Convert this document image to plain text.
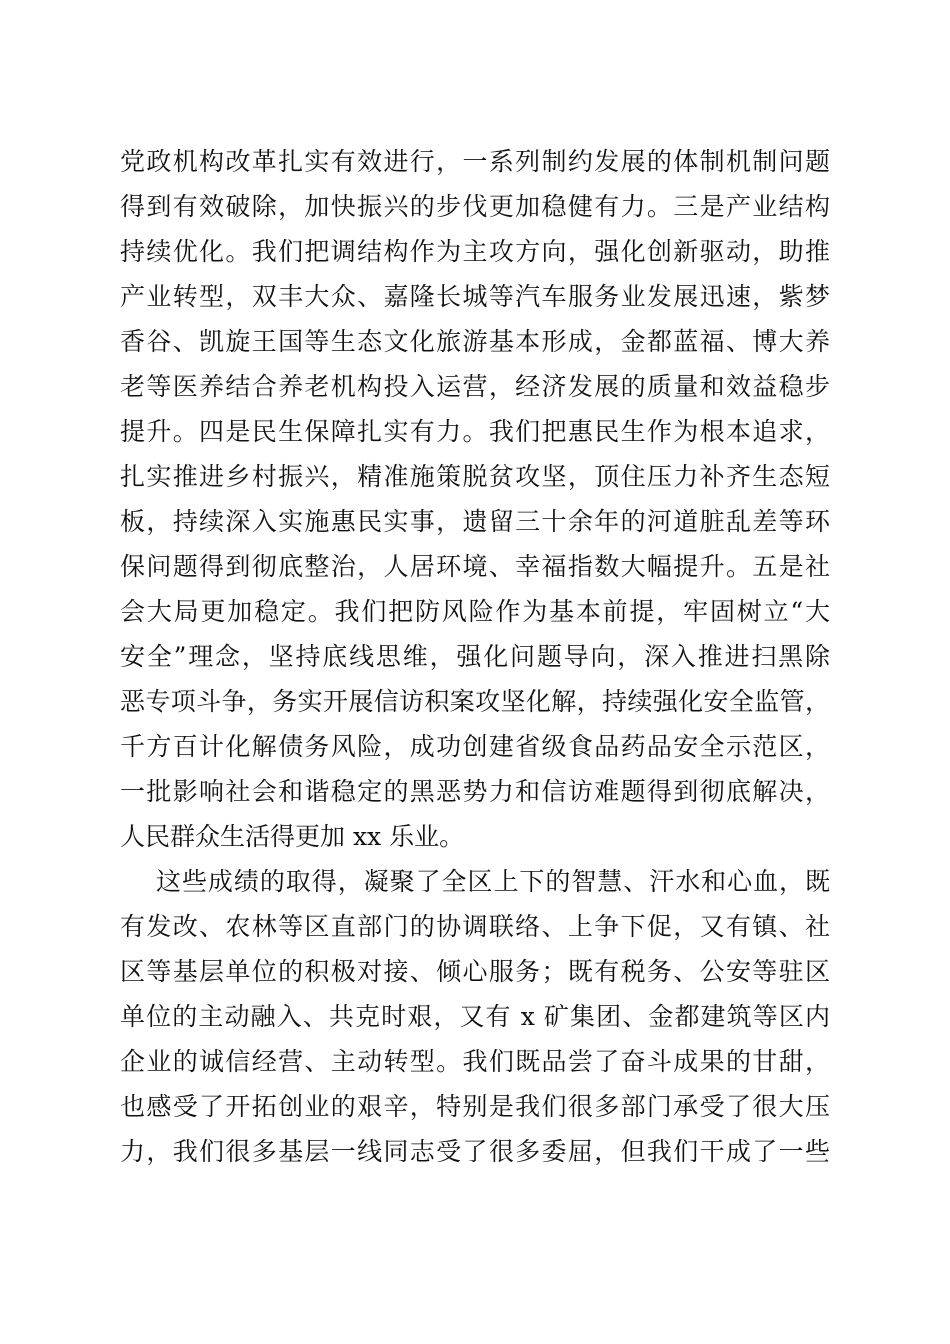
党政机构改革扎实有效进行，一系列制约发展的体制机制问题
得到有效破除，加快振兴的步伐更加稳健有力。三是产业结构
持续优化。我们把调结构作为主攻方向，强化创新驱动，助推
产业转型，双丰大众、嘉隆长城等汽车服务业发展迅速，紫梦
香谷、凯旋王国等生态文化旅游基本形成，金都蓝福、博大养
老等医养结合养老机构投入运营，经济发展的质量和效益稳步
提升。四是民生保障扎实有力。我们把惠民生作为根本追求，
扎实推进乡村振兴，精准施策脱贫攻坚，顶住压力补齐生态短
板，持续深入实施惠民实事，遗留三十余年的河道脏乱差等环
保问题得到彻底整治，人居环境、幸福指数大幅提升。五是社
会大局更加稳定。我们把防风险作为基本前提，牢固树立“大
安全”理念，坚持底线思维，强化问题导向，深入推进扫黑除
恶专项斗争，务实开展信访积案攻坚化解，持续强化安全监管，
千方百计化解债务风险，成功创建省级食品药品安全示范区，
一批影响社会和谐稳定的黑恶势力和信访难题得到彻底解决，
人民群众生活得更加 xx 乐业。
这些成绩的取得，凝聚了全区上下的智慧、汗水和心血，既
有发改、农林等区直部门的协调联络、上争下促，又有镇、社
区等基层单位的积极对接、倾心服务；既有税务、公安等驻区
单位的主动融入、共克时艰，又有 x 矿集团、金都建筑等区内
企业的诚信经营、主动转型。我们既品尝了奋斗成果的甘甜，
也感受了开拓创业的艰辛，特别是我们很多部门承受了很大压
力，我们很多基层一线同志受了很多委屈，但我们干成了一些
